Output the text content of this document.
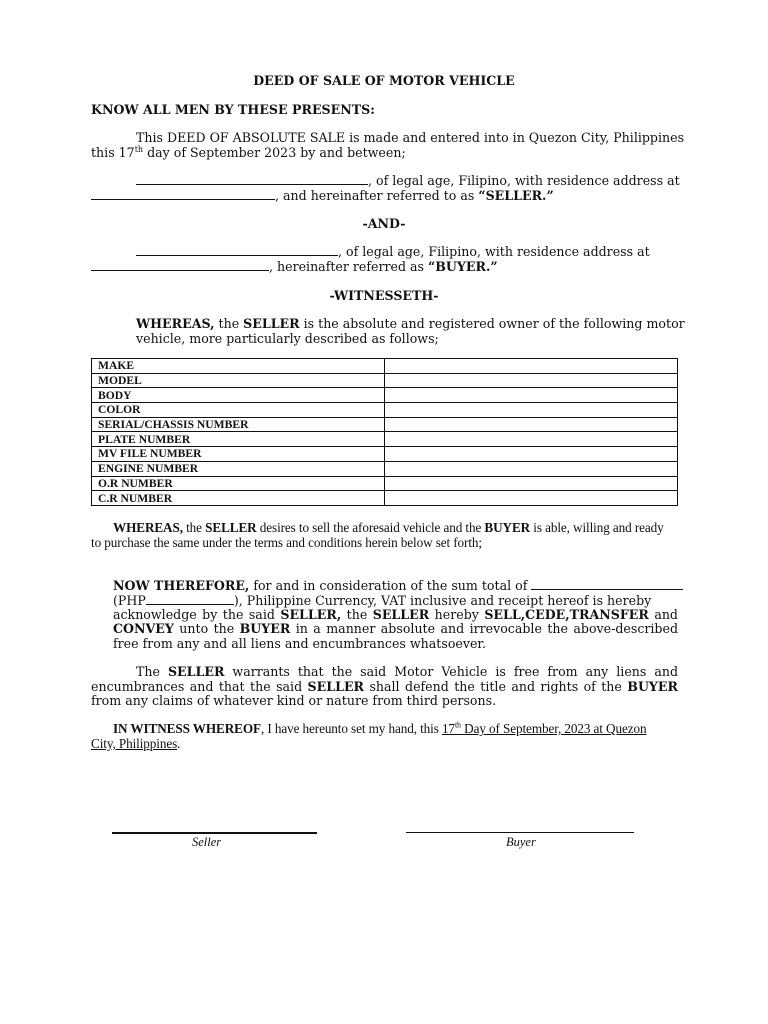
DEED OF SALE OF MOTOR VEHICLE
KNOW ALL MEN BY THESE PRESENTS:
This DEED OF ABSOLUTE SALE is made and entered into in Quezon City, Philippines
this 17th day of September 2023 by and between;
, of legal age, Filipino, with residence address at
, and hereinafter referred to as “SELLER.”
-AND-
, of legal age, Filipino, with residence address at
, hereinafter referred as “BUYER.”
-WITNESSETH-
WHEREAS, the SELLER is the absolute and registered owner of the following motor
vehicle, more particularly described as follows;
MAKE	
MODEL	
BODY	
COLOR	
SERIAL/CHASSIS NUMBER	
PLATE NUMBER	
MV FILE NUMBER	
ENGINE NUMBER	
O.R NUMBER	
C.R NUMBER	
WHEREAS, the SELLER desires to sell the aforesaid vehicle and the BUYER is able, willing and ready
to purchase the same under the terms and conditions herein below set forth;
NOW THEREFORE, for and in consideration of the sum total of
(PHP	), Philippine Currency, VAT inclusive and receipt hereof is hereby
acknowledge by the said SELLER, the SELLER hereby SELL,CEDE,TRANSFER and
CONVEY unto the BUYER in a manner absolute and irrevocable the above-described
free from any and all liens and encumbrances whatsoever.
The SELLER warrants that the said Motor Vehicle is free from any liens and
encumbrances and that the said SELLER shall defend the title and rights of the BUYER
from any claims of whatever kind or nature from third persons.
IN WITNESS WHEREOF, I have hereunto set my hand, this 17th Day of September, 2023 at Quezon
City, Philippines.
Seller	Buyer
